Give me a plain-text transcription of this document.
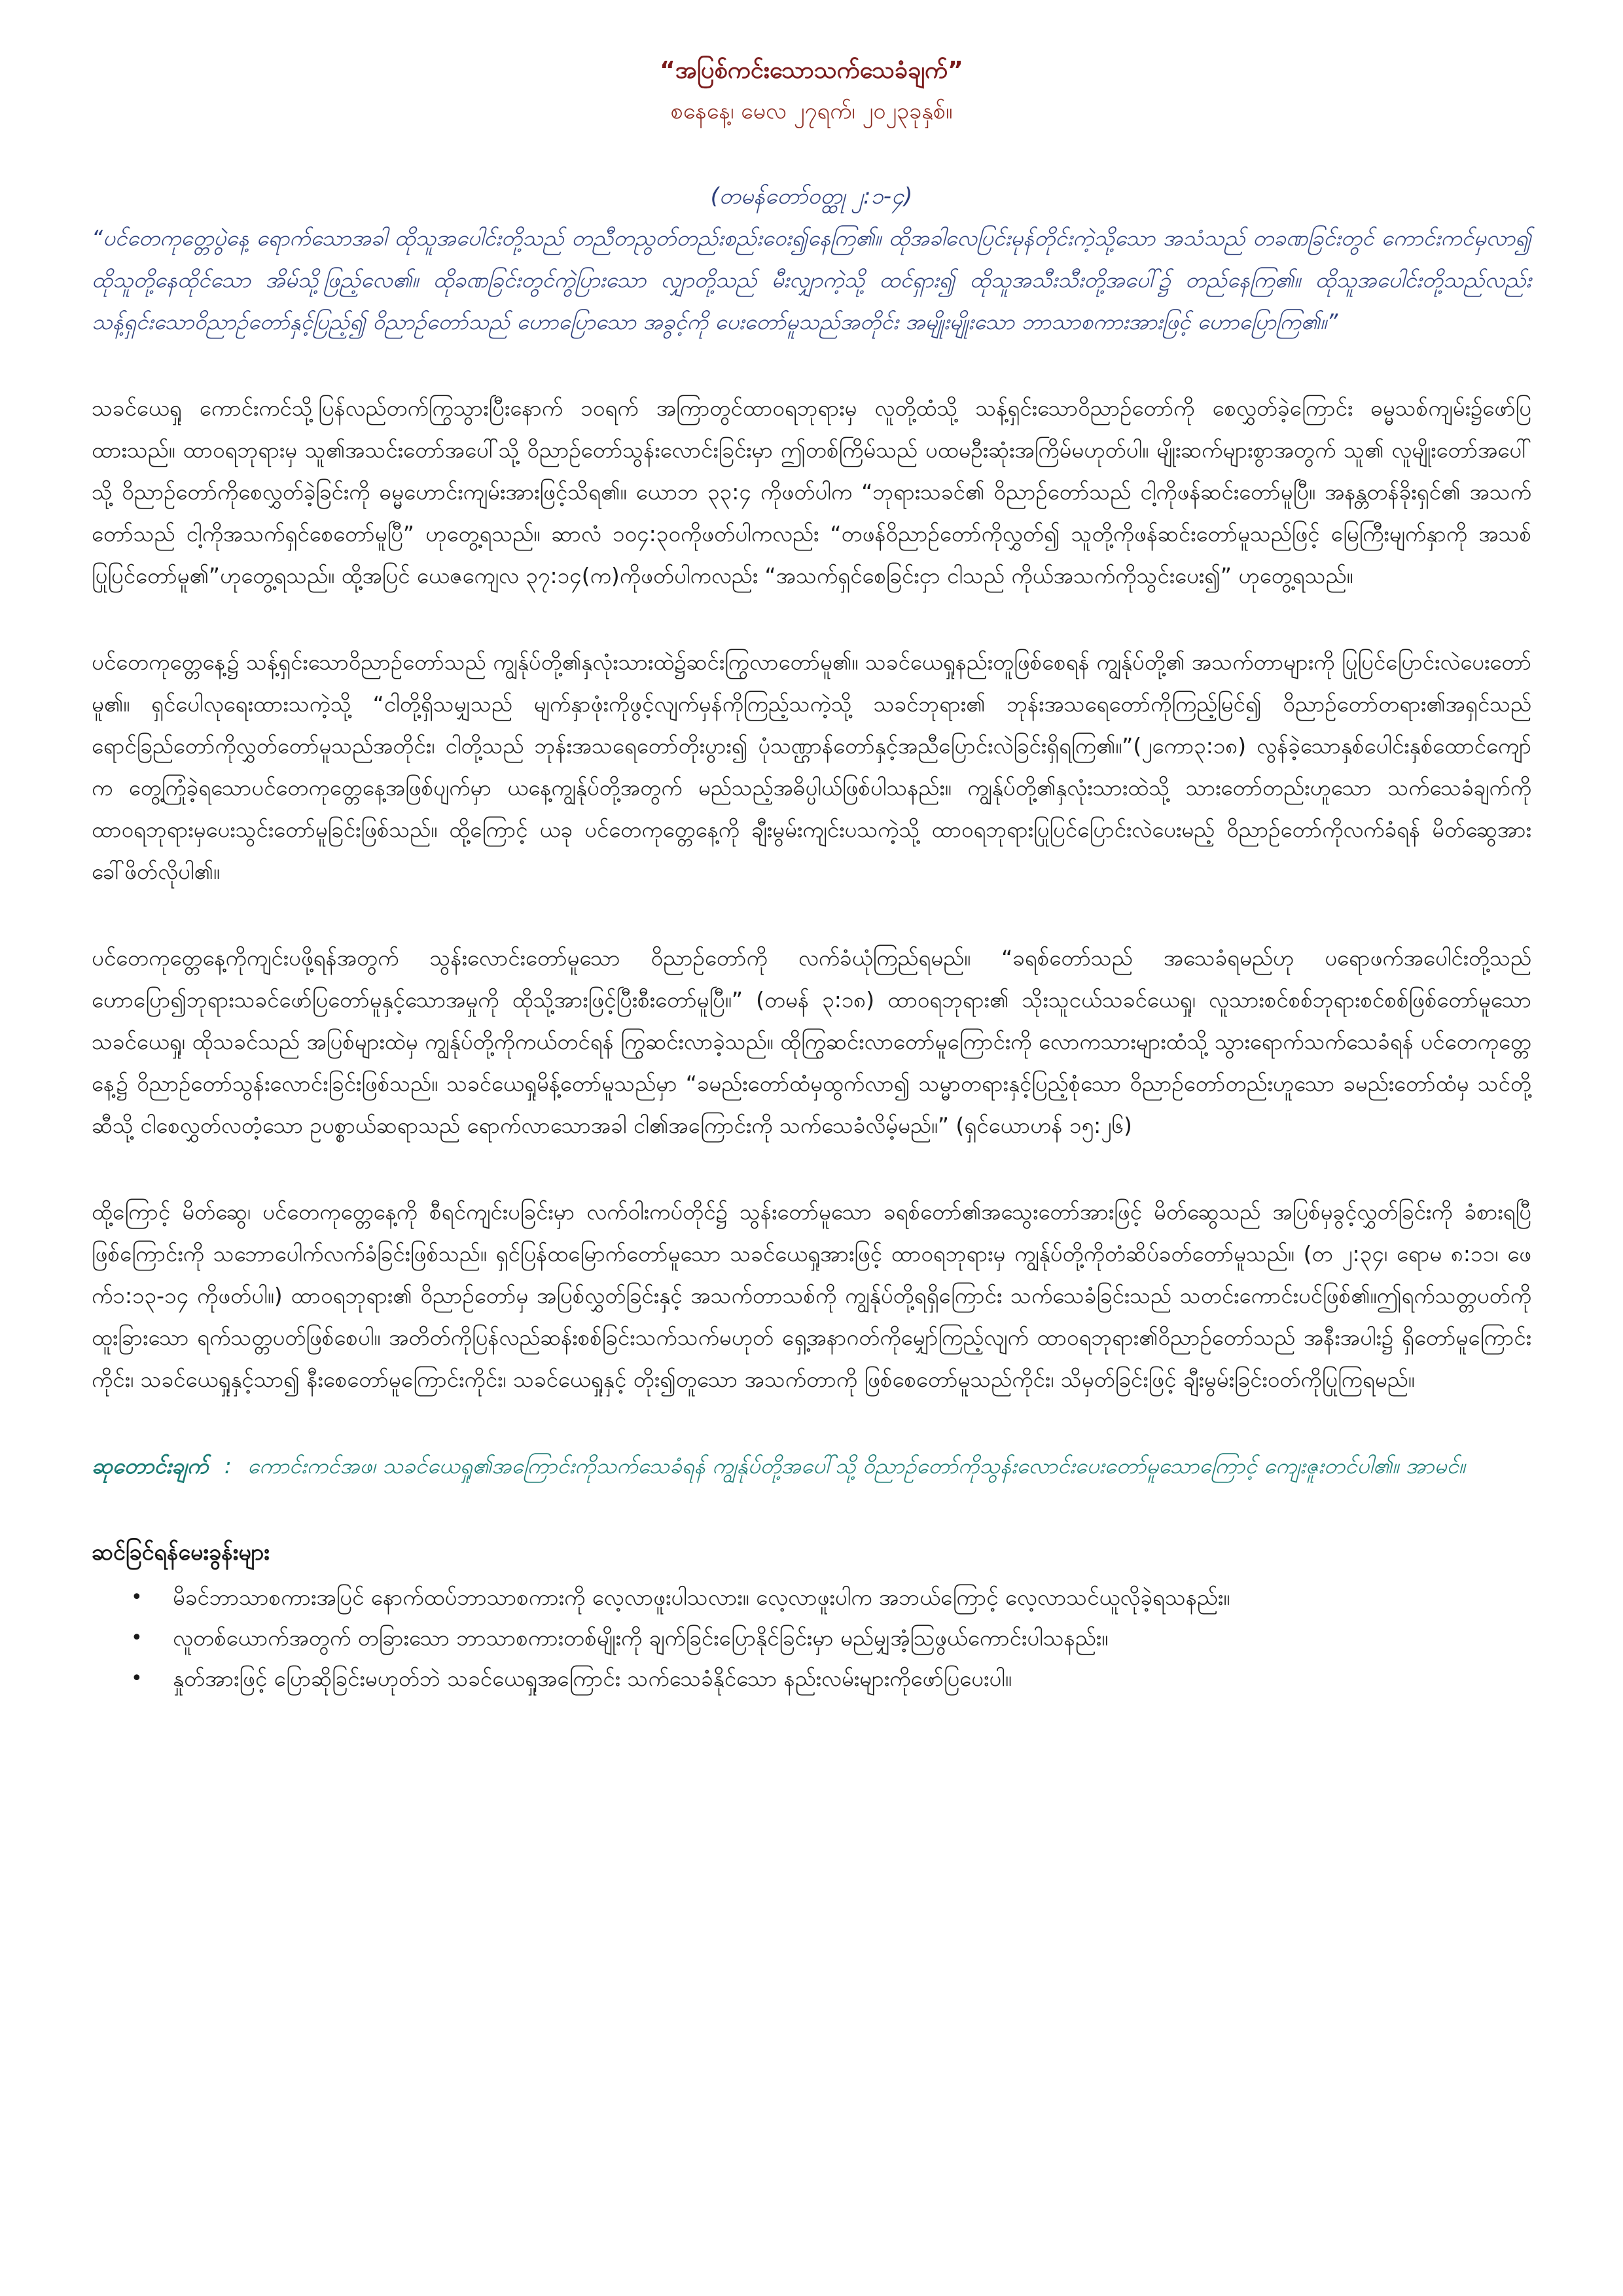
“အပြစ်ကင်းသောသက်သေခံချက်”
စနေနေ့၊ မေလ ၂၇ရက်၊ ၂၀၂၃ခုနှစ်။
(တမန်တော်ဝတ္ထု ၂:၁-၄)

“ပင်တေကုတ္တေပွဲနေ့ ရောက်သောအခါ ထိုသူအပေါင်းတို့သည် တညီတညွတ်တည်းစည်းဝေး၍နေကြ၏။ ထိုအခါလေပြင်းမုန်တိုင်းကဲ့သို့သော အသံသည် တခဏခြင်းတွင် ကောင်းကင်မှလာ၍ ထိုသူတို့နေထိုင်သော အိမ်သို့ဖြည့်လေ၏။ ထိုခဏခြင်းတွင်ကွဲပြားသော လျှာတို့သည် မီးလျှာကဲ့သို့ ထင်ရှား၍ ထိုသူအသီးသီးတို့အပေါ်၌ တည်နေကြ၏။ ထိုသူအပေါင်းတို့သည်လည်း သန့်ရှင်းသောဝိညာဉ်တော်နှင့်ပြည့်၍ ဝိညာဉ်တော်သည် ဟောပြောသော အခွင့်ကို ပေးတော်မူသည်အတိုင်း အမျိုးမျိုးသော ဘာသာစကားအားဖြင့် ဟောပြောကြ၏။”

သခင်ယေရှု ကောင်းကင်သို့ပြန်လည်တက်ကြွသွားပြီးနောက် ၁၀ရက် အကြာတွင်ထာဝရဘုရားမှ လူတို့ထံသို့ သန့်ရှင်းသောဝိညာဉ်တော်ကို စေလွှတ်ခဲ့ကြောင်း ဓမ္မသစ်ကျမ်း၌ဖော်ပြထားသည်။ ထာဝရဘုရားမှ သူ၏အသင်းတော်အပေါ်သို့ ဝိညာဉ်တော်သွန်းလောင်းခြင်းမှာ ဤတစ်ကြိမ်သည် ပထမဦးဆုံးအကြိမ်မဟုတ်ပါ။ မျိုးဆက်များစွာအတွက် သူ၏ လူမျိုးတော်အပေါ်သို့ ဝိညာဉ်တော်ကိုစေလွှတ်ခဲ့ခြင်းကို ဓမ္မဟောင်းကျမ်းအားဖြင့်သိရ၏။ ယောဘ ၃၃:၄ ကိုဖတ်ပါက “ဘုရားသခင်၏ ဝိညာဉ်တော်သည် ငါ့ကိုဖန်ဆင်းတော်မူပြီ။ အနန္တတန်ခိုးရှင်၏ အသက်တော်သည် ငါ့ကိုအသက်ရှင်စေတော်မူပြီ” ဟုတွေ့ရသည်။ ဆာလံ ၁၀၄:၃၀ကိုဖတ်ပါကလည်း “တဖန်ဝိညာဉ်တော်ကိုလွှတ်၍ သူတို့ကိုဖန်ဆင်းတော်မူသည်ဖြင့် မြေကြီးမျက်နှာကို အသစ်ပြုပြင်တော်မူ၏”ဟုတွေ့ရသည်။ ထို့အပြင် ယေဇကျေလ ၃၇:၁၄(က)ကိုဖတ်ပါကလည်း “အသက်ရှင်စေခြင်းငှာ ငါသည် ကိုယ်အသက်ကိုသွင်းပေး၍” ဟုတွေ့ရသည်။

ပင်တေကုတ္တေနေ့၌ သန့်ရှင်းသောဝိညာဉ်တော်သည် ကျွန်ုပ်တို့၏နှလုံးသားထဲ၌ဆင်းကြွလာတော်မူ၏။ သခင်ယေရှုနည်းတူဖြစ်စေရန် ကျွန်ုပ်တို့၏ အသက်တာများကို ပြုပြင်ပြောင်းလဲပေးတော်မူ၏။ ရှင်ပေါလုရေးထားသကဲ့သို့ “ငါတို့ရှိသမျှသည် မျက်နှာဖုံးကိုဖွင့်လျက်မှန်ကိုကြည့်သကဲ့သို့ သခင်ဘုရား၏ ဘုန်းအသရေတော်ကိုကြည့်မြင်၍ ဝိညာဉ်တော်တရား၏အရှင်သည် ရောင်ခြည်တော်ကိုလွှတ်တော်မူသည်အတိုင်း၊ ငါတို့သည် ဘုန်းအသရေတော်တိုးပွား၍ ပုံသဏ္ဌာန်တော်နှင့်အညီပြောင်းလဲခြင်းရှိရကြ၏။”(၂ကော၃:၁၈) လွန်ခဲ့သောနှစ်ပေါင်းနှစ်ထောင်ကျော်က တွေ့ကြုံခဲ့ရသောပင်တေကုတ္တေနေ့အဖြစ်ပျက်မှာ ယနေ့ကျွန်ုပ်တို့အတွက် မည်သည့်အဓိပ္ပါယ်ဖြစ်ပါသနည်း။ ကျွန်ုပ်တို့၏နှလုံးသားထဲသို့ သားတော်တည်းဟူသော သက်သေခံချက်ကို ထာဝရဘုရားမှပေးသွင်းတော်မူခြင်းဖြစ်သည်။ ထို့ကြောင့် ယခု ပင်တေကုတ္တေနေ့ကို ချီးမွမ်းကျင်းပသကဲ့သို့ ထာဝရဘုရားပြုပြင်ပြောင်းလဲပေးမည့် ဝိညာဉ်တော်ကိုလက်ခံရန် မိတ်ဆွေအား ခေါ်ဖိတ်လိုပါ၏။

ပင်တေကုတ္တေနေ့ကိုကျင်းပဖို့ရန်အတွက် သွန်းလောင်းတော်မူသော ဝိညာဉ်တော်ကို လက်ခံယုံကြည်ရမည်။ “ခရစ်တော်သည် အသေခံရမည်ဟု ပရောဖက်အပေါင်းတို့သည် ဟောပြော၍ဘုရားသခင်ဖော်ပြတော်မူနှင့်သောအမှုကို ထိုသို့အားဖြင့်ပြီးစီးတော်မူပြီ။” (တမန် ၃:၁၈) ထာဝရဘုရား၏ သိုးသူငယ်သခင်ယေရှု၊ လူသားစင်စစ်ဘုရားစင်စစ်ဖြစ်တော်မူသော သခင်ယေရှု၊ ထိုသခင်သည် အပြစ်များထဲမှ ကျွန်ုပ်တို့ကိုကယ်တင်ရန် ကြွဆင်းလာခဲ့သည်။ ထိုကြွဆင်းလာတော်မူကြောင်းကို လောကသားများထံသို့ သွားရောက်သက်သေခံရန် ပင်တေကုတ္တေနေ့၌ ဝိညာဉ်တော်သွန်းလောင်းခြင်းဖြစ်သည်။ သခင်ယေရှုမိန့်တော်မူသည်မှာ “ခမည်းတော်ထံမှထွက်လာ၍ သမ္မာတရားနှင့်ပြည့်စုံသော ဝိညာဉ်တော်တည်းဟူသော ခမည်းတော်ထံမှ သင်တို့ဆီသို့ ငါစေလွှတ်လတံ့သော ဥပစ္စာယ်ဆရာသည် ရောက်လာသောအခါ ငါ၏အကြောင်းကို သက်သေခံလိမ့်မည်။” (ရှင်ယောဟန် ၁၅:၂၆)

ထို့ကြောင့် မိတ်ဆွေ၊ ပင်တေကုတ္တေနေ့ကို စီရင်ကျင်းပခြင်းမှာ လက်ဝါးကပ်တိုင်၌ သွန်းတော်မူသော ခရစ်တော်၏အသွေးတော်အားဖြင့် မိတ်ဆွေသည် အပြစ်မှခွင့်လွှတ်ခြင်းကို ခံစားရပြီဖြစ်ကြောင်းကို သဘောပေါက်လက်ခံခြင်းဖြစ်သည်။ ရှင်ပြန်ထမြောက်တော်မူသော သခင်ယေရှုအားဖြင့် ထာဝရဘုရားမှ ကျွန်ုပ်တို့ကိုတံဆိပ်ခတ်တော်မူသည်။ (တ ၂:၃၄၊ ရောမ ၈:၁၁၊ ဖေက်၁:၁၃-၁၄ ကိုဖတ်ပါ။) ထာဝရဘုရား၏ ဝိညာဉ်တော်မှ အပြစ်လွှတ်ခြင်းနှင့် အသက်တာသစ်ကို ကျွန်ုပ်တို့ရရှိကြောင်း သက်သေခံခြင်းသည် သတင်းကောင်းပင်ဖြစ်၏။ဤရက်သတ္တပတ်ကို ထူးခြားသော ရက်သတ္တပတ်ဖြစ်စေပါ။ အတိတ်ကိုပြန်လည်ဆန်းစစ်ခြင်းသက်သက်မဟုတ် ရှေ့အနာဂတ်ကိုမျှော်ကြည့်လျက် ထာဝရဘုရား၏ဝိညာဉ်တော်သည် အနီးအပါး၌ ရှိတော်မူကြောင်းကိုင်း၊ သခင်ယေရှုနှင့်သာ၍ နီးစေတော်မူကြောင်းကိုင်း၊ သခင်ယေရှုနှင့် တိုး၍တူသော အသက်တာကို ဖြစ်စေတော်မူသည်ကိုင်း၊ သိမှတ်ခြင်းဖြင့် ချီးမွမ်းခြင်းဝတ်ကိုပြုကြရမည်။

ဆုတောင်းချက် : ကောင်းကင်အဖ၊ သခင်ယေရှု၏အကြောင်းကိုသက်သေခံရန် ကျွန်ုပ်တို့အပေါ်သို့ ဝိညာဉ်တော်ကိုသွန်းလောင်းပေးတော်မူသောကြောင့် ကျေးဇူးတင်ပါ၏။ အာမင်။

ဆင်ခြင်ရန်မေးခွန်းများ
• မိခင်ဘာသာစကားအပြင် နောက်ထပ်ဘာသာစကားကို လေ့လာဖူးပါသလား။ လေ့လာဖူးပါက အဘယ်ကြောင့် လေ့လာသင်ယူလိုခဲ့ရသနည်း။
• လူတစ်ယောက်အတွက် တခြားသော ဘာသာစကားတစ်မျိုးကို ချက်ခြင်းပြောနိုင်ခြင်းမှာ မည်မျှအံ့သြဖွယ်ကောင်းပါသနည်း။
• နှုတ်အားဖြင့် ပြောဆိုခြင်းမဟုတ်ဘဲ သခင်ယေရှုအကြောင်း သက်သေခံနိုင်သော နည်းလမ်းများကိုဖော်ပြပေးပါ။
